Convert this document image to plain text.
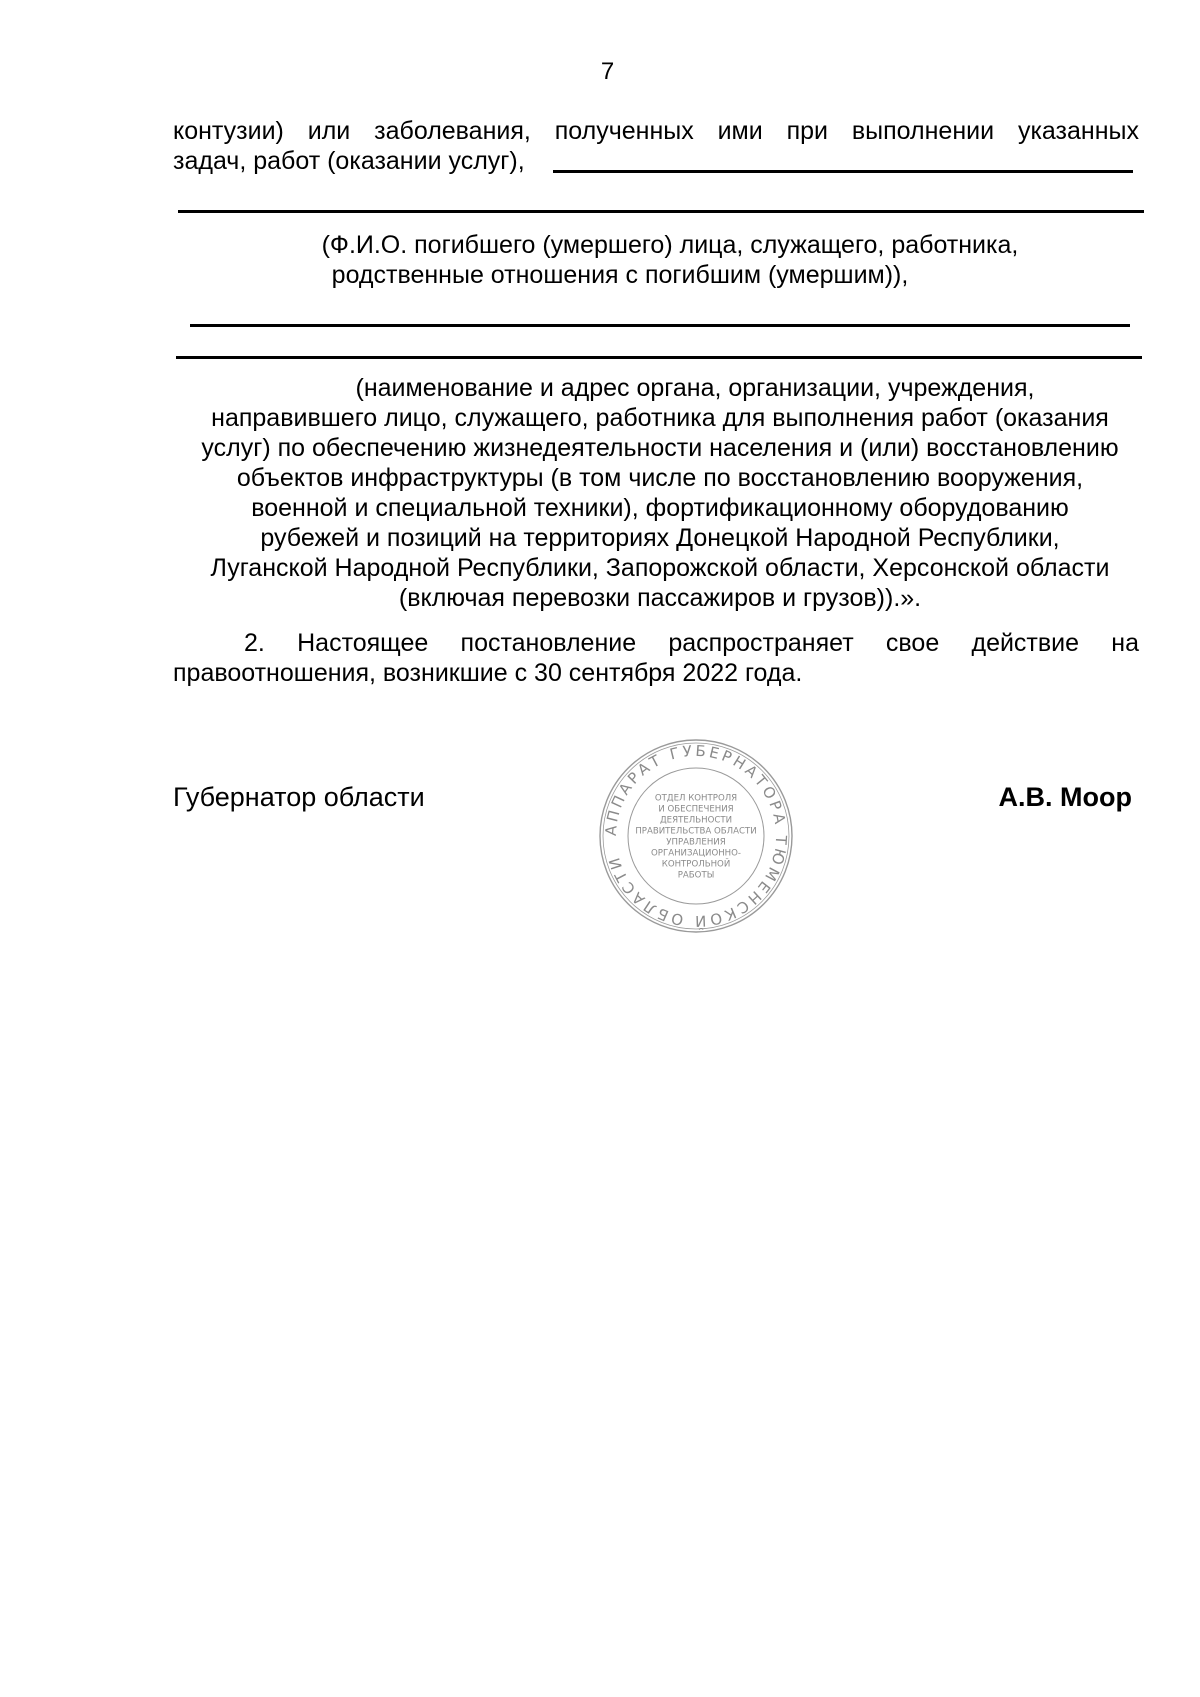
7
контузии) или заболевания, полученных ими при выполнении указанных
задач, работ (оказании услуг),
(Ф.И.О. погибшего (умершего) лица, служащего, работника,
родственные отношения с погибшим (умершим)),
(наименование и адрес органа, организации, учреждения,
направившего лицо, служащего, работника для выполнения работ (оказания
услуг) по обеспечению жизнедеятельности населения и (или) восстановлению
объектов инфраструктуры (в том числе по восстановлению вооружения,
военной и специальной техники), фортификационному оборудованию
рубежей и позиций на территориях Донецкой Народной Республики,
Луганской Народной Республики, Запорожской области, Херсонской области
(включая перевозки пассажиров и грузов)).».
2. Настоящее постановление распространяет свое действие на
правоотношения, возникшие с 30 сентября 2022 года.
Губернатор области	А.В. Моор
АППАРАТ ГУБЕРНАТОРА ТЮМЕНСКОЙ ОБЛАСТИ
ОТДЕЛ КОНТРОЛЯ
И ОБЕСПЕЧЕНИЯ
ДЕЯТЕЛЬНОСТИ
ПРАВИТЕЛЬСТВА ОБЛАСТИ
УПРАВЛЕНИЯ
ОРГАНИЗАЦИОННО-
КОНТРОЛЬНОЙ
РАБОТЫ
